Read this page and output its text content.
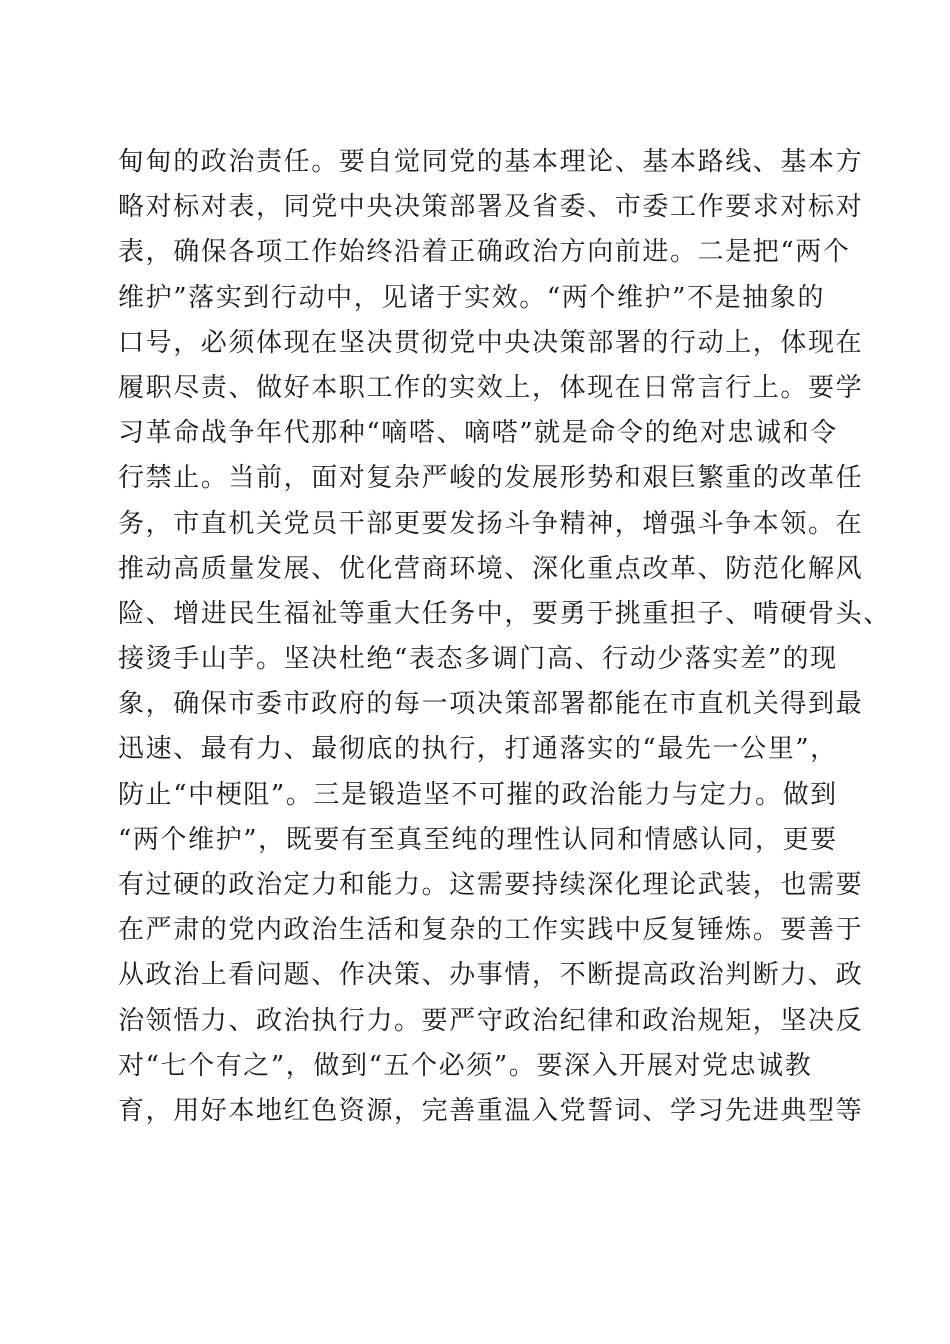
甸甸的政治责任。要自觉同党的基本理论、基本路线、基本方
略对标对表，同党中央决策部署及省委、市委工作要求对标对
表，确保各项工作始终沿着正确政治方向前进。二是把“两个
维护”落实到行动中，见诸于实效。“两个维护”不是抽象的
口号，必须体现在坚决贯彻党中央决策部署的行动上，体现在
履职尽责、做好本职工作的实效上，体现在日常言行上。要学
习革命战争年代那种“嘀嗒、嘀嗒”就是命令的绝对忠诚和令
行禁止。当前，面对复杂严峻的发展形势和艰巨繁重的改革任
务，市直机关党员干部更要发扬斗争精神，增强斗争本领。在
推动高质量发展、优化营商环境、深化重点改革、防范化解风
险、增进民生福祉等重大任务中，要勇于挑重担子、啃硬骨头、
接烫手山芋。坚决杜绝“表态多调门高、行动少落实差”的现
象，确保市委市政府的每一项决策部署都能在市直机关得到最
迅速、最有力、最彻底的执行，打通落实的“最先一公里”，
防止“中梗阻”。三是锻造坚不可摧的政治能力与定力。做到
“两个维护”，既要有至真至纯的理性认同和情感认同，更要
有过硬的政治定力和能力。这需要持续深化理论武装，也需要
在严肃的党内政治生活和复杂的工作实践中反复锤炼。要善于
从政治上看问题、作决策、办事情，不断提高政治判断力、政
治领悟力、政治执行力。要严守政治纪律和政治规矩，坚决反
对“七个有之”，做到“五个必须”。要深入开展对党忠诚教
育，用好本地红色资源，完善重温入党誓词、学习先进典型等
